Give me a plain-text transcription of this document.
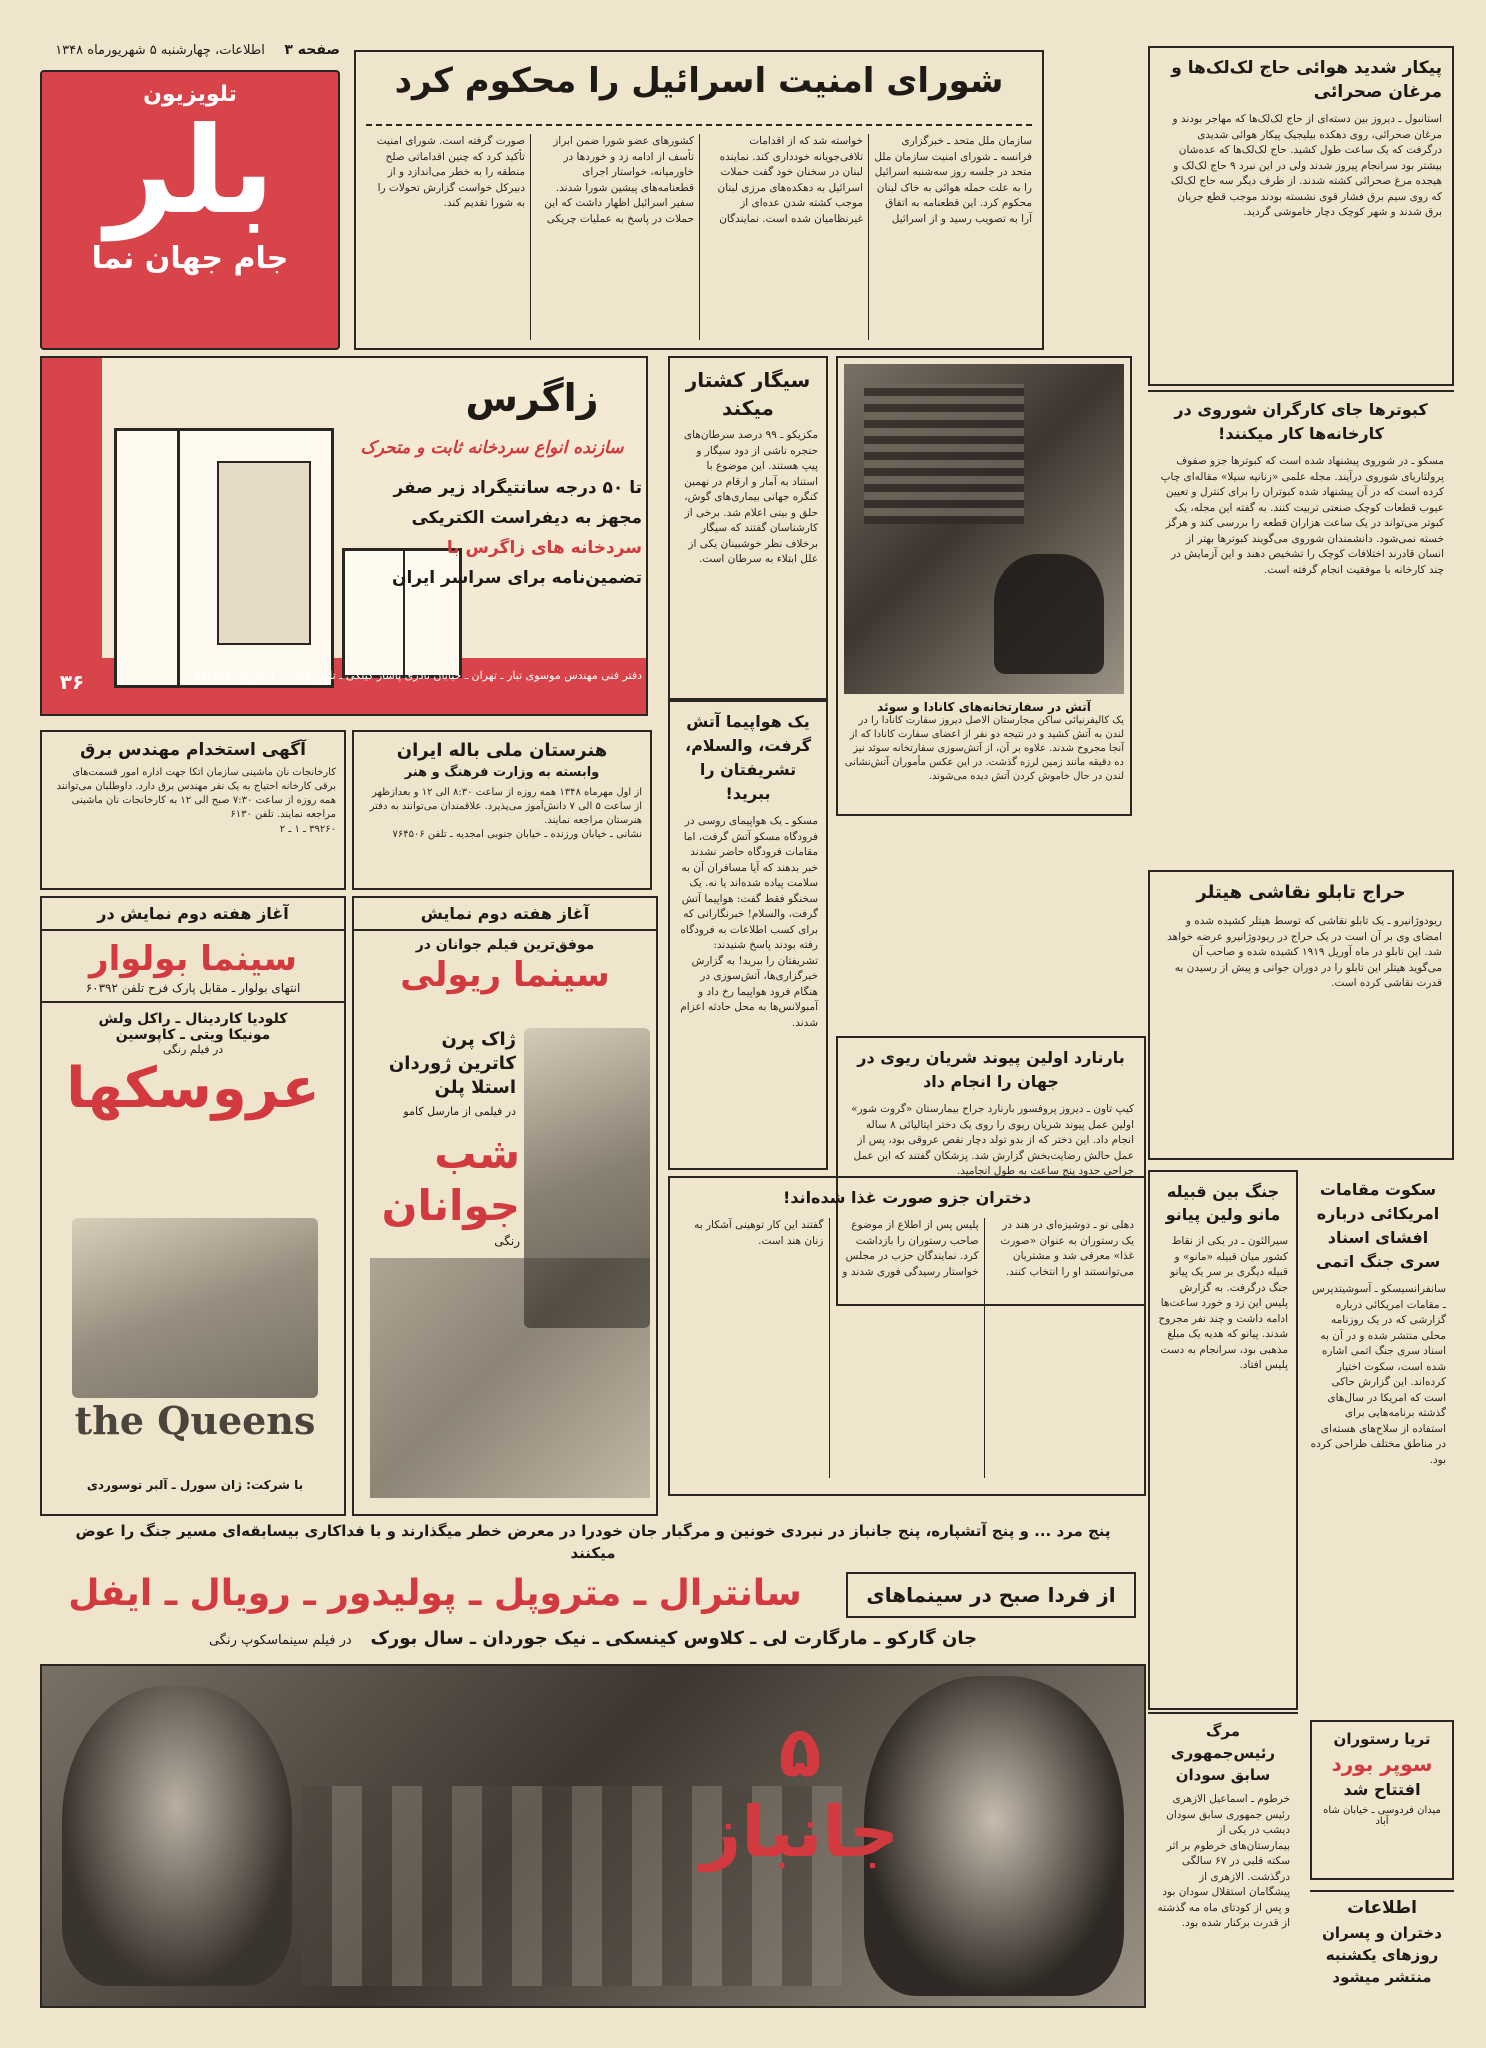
صفحه ۳    اطلاعات، چهارشنبه ۵ شهریورماه ۱۳۴۸
تلویزیون
بلر
جام جهان نما
شورای امنیت اسرائیل را محکوم کرد
سازمان ملل متحد ـ خبرگزاری فرانسه ـ شورای امنیت سازمان ملل متحد در جلسه روز سه‌شنبه اسرائیل را به علت حمله هوائی به خاک لبنان محکوم کرد. این قطعنامه به اتفاق آرا به تصویب رسید و از اسرائیل خواسته شد که از اقدامات تلافی‌جویانه خودداری کند. نماینده لبنان در سخنان خود گفت حملات اسرائیل به دهکده‌های مرزی لبنان موجب کشته شدن عده‌ای از غیرنظامیان شده است. نمایندگان کشورهای عضو شورا ضمن ابراز تأسف از ادامه زد و خوردها در خاورمیانه، خواستار اجرای قطعنامه‌های پیشین شورا شدند. سفیر اسرائیل اظهار داشت که این حملات در پاسخ به عملیات چریکی صورت گرفته است. شورای امنیت تأکید کرد که چنین اقداماتی صلح منطقه را به خطر می‌اندازد و از دبیرکل خواست گزارش تحولات را به شورا تقدیم کند.
پیکار شدید هوائی حاج لک‌لک‌ها و مرغان صحرائی
استانبول ـ دیروز بین دسته‌ای از حاج لک‌لک‌ها که مهاجر بودند و مرغان صحرائی، روی دهکده بیلیجیک پیکار هوائی شدیدی درگرفت که یک ساعت طول کشید. حاج لک‌لک‌ها که عده‌شان بیشتر بود سرانجام پیروز شدند ولی در این نبرد ۹ حاج لک‌لک و هیجده مرغ صحرائی کشته شدند. از طرف دیگر سه حاج لک‌لک که روی سیم برق فشار قوی نشسته بودند موجب قطع جریان برق شدند و شهر کوچک دچار خاموشی گردید.
زاگرس
سازنده انواع سردخانه ثابت و متحرک
تا ۵۰ درجه سانتیگراد زیر صفر
مجهز به دیفراست الکتریکی
سردخانه های زاگرس با
تضمین‌نامه برای سراسر ایران
دفتر فنی مهندس موسوی تبار ـ تهران ـ خیابان نادری پاساژ گیلکی ـ تلفن ۶۰۱۱۷۲۵ کارخانه ۹۵۱۸۵۹
۳۶
سیگار کشتار میکند
مکزیکو ـ ۹۹ درصد سرطان‌های حنجره ناشی از دود سیگار و پیپ هستند. این موضوع با استناد به آمار و ارقام در نهمین کنگره جهانی بیماری‌های گوش، حلق و بینی اعلام شد. برخی از کارشناسان گفتند که سیگار برخلاف نظر خوشبینان یکی از علل ابتلاء به سرطان است.
آتش در سفارتخانه‌های کانادا و سوئد
یک کالیفرنیائی ساکن مجارستان الاصل دیروز سفارت کانادا را در لندن به آتش کشید و در نتیجه دو نفر از اعضای سفارت کانادا که از آنجا مجروح شدند. علاوه بر آن، از آتش‌سوزی سفارتخانه سوئد نیز ده دقیقه مانند زمین لرزه گذشت. در این عکس مأموران آتش‌نشانی لندن در حال خاموش کردن آتش دیده می‌شوند.
یک هواپیما آتش گرفت، والسلام، تشریفتان را ببرید!
مسکو ـ یک هواپیمای روسی در فرودگاه مسکو آتش گرفت، اما مقامات فرودگاه حاضر نشدند خبر بدهند که آیا مسافران آن به سلامت پیاده شده‌اند یا نه. یک سخنگو فقط گفت: هواپیما آتش گرفت، والسلام! خبرنگارانی که برای کسب اطلاعات به فرودگاه رفته بودند پاسخ شنیدند: تشریفتان را ببرید! به گزارش خبرگزاری‌ها، آتش‌سوزی در هنگام فرود هواپیما رخ داد و آمبولانس‌ها به محل حادثه اعزام شدند.
کبوترها جای کارگران شوروی در کارخانه‌ها کار میکنند!
مسکو ـ در شوروی پیشنهاد شده است که کبوترها جزو صفوف پرولتاریای شوروی درآیند. مجله علمی «زنانیه سیلا» مقاله‌ای چاپ کرده است که در آن پیشنهاد شده کبوتران را برای کنترل و تعیین عیوب قطعات کوچک صنعتی تربیت کنند. به گفته این مجله، یک کبوتر می‌تواند در یک ساعت هزاران قطعه را بررسی کند و هرگز خسته نمی‌شود. دانشمندان شوروی می‌گویند کبوترها بهتر از انسان قادرند اختلافات کوچک را تشخیص دهند و این آزمایش در چند کارخانه با موفقیت انجام گرفته است.
حراج تابلو نقاشی هیتلر
ریودوژانیرو ـ یک تابلو نقاشی که توسط هیتلر کشیده شده و امضای وی بر آن است در یک حراج در ریودوژانیرو عرضه خواهد شد. این تابلو در ماه آوریل ۱۹۱۹ کشیده شده و صاحب آن می‌گوید هیتلر این تابلو را در دوران جوانی و پیش از رسیدن به قدرت نقاشی کرده است.
بارنارد اولین پیوند شریان ریوی در جهان را انجام داد
کیپ تاون ـ دیروز پروفسور بارنارد جراح بیمارستان «گروت شور» اولین عمل پیوند شریان ریوی را روی یک دختر ایتالیائی ۸ ساله انجام داد. این دختر که از بدو تولد دچار نقص عروقی بود، پس از عمل حالش رضایت‌بخش گزارش شد. پزشکان گفتند که این عمل جراحی حدود پنج ساعت به طول انجامید.
هنرستان ملی باله ایران
وابسته به وزارت فرهنگ و هنر
از اول مهرماه ۱۳۴۸ همه روزه از ساعت ۸:۳۰ الی ۱۲ و بعدازظهر از ساعت ۵ الی ۷ دانش‌آموز می‌پذیرد. علاقمندان می‌توانند به دفتر هنرستان مراجعه نمایند.
نشانی ـ خیابان ورزنده ـ خیابان جنوبی امجدیه ـ تلفن ۷۶۴۵۰۶
آگهی استخدام مهندس برق
کارخانجات نان ماشینی سازمان اتکا جهت اداره امور قسمت‌های برقی کارخانه احتیاج به یک نفر مهندس برق دارد. داوطلبان می‌توانند همه روزه از ساعت ۷:۳۰ صبح الی ۱۲ به کارخانجات نان ماشینی مراجعه نمایند. تلفن ۶۱۳۰
۳۹۲۶۰ ـ ۱ ـ ۲
آغاز هفته دوم نمایش در
سینما بولوار
انتهای بولوار ـ مقابل پارک فرح تلفن ۶۰۳۹۲
کلودیا کاردینال ـ راکل ولش
مونیکا ویتی ـ کاپوسین
در فیلم رنگی
عروسکها
the Queens
با شرکت: ژان سورل ـ آلبر توسوردی
آغاز هفته دوم نمایش
موفق‌ترین فیلم جوانان در
سینما ریولی
ژاک پرن
کاترین ژوردان
استلا پلن
در فیلمی از مارسل کامو
شب جوانان
رنگی
دختران جزو صورت غذا شده‌اند!
دهلی نو ـ دوشیزه‌ای در هند در یک رستوران به عنوان «صورت غذا» معرفی شد و مشتریان می‌توانستند او را انتخاب کنند. پلیس پس از اطلاع از موضوع صاحب رستوران را بازداشت کرد. نمایندگان حزب در مجلس خواستار رسیدگی فوری شدند و گفتند این کار توهینی آشکار به زنان هند است.
جنگ بین قبیله مانو ولین پیانو
سیرالئون ـ در یکی از نقاط کشور میان قبیله «مانو» و قبیله دیگری بر سر یک پیانو جنگ درگرفت. به گزارش پلیس این زد و خورد ساعت‌ها ادامه داشت و چند نفر مجروح شدند. پیانو که هدیه یک مبلغ مذهبی بود، سرانجام به دست پلیس افتاد.
سکوت مقامات امریکائی درباره افشای اسناد سری جنگ اتمی
سانفرانسیسکو ـ آسوشیتدپرس ـ مقامات امریکائی درباره گزارشی که در یک روزنامه محلی منتشر شده و در آن به اسناد سری جنگ اتمی اشاره شده است، سکوت اختیار کرده‌اند. این گزارش حاکی است که امریکا در سال‌های گذشته برنامه‌هایی برای استفاده از سلاح‌های هسته‌ای در مناطق مختلف طراحی کرده بود.
پنج مرد ... و پنج آتشپاره، پنج جانباز در نبردی خونین و مرگبار جان خودرا در معرض خطر میگذارند و با فداکاری بیسابقه‌ای مسیر جنگ را عوض میکنند
از فردا صبح در سینماهای
سانترال ـ متروپل ـ پولیدور ـ رویال ـ ایفل
جان گارکو ـ مارگارت لی ـ کلاوس کینسکی ـ نیک جوردان ـ سال بورک   در فیلم سینماسکوپ رنگی
۵ جانباز
مرگ رئیس‌جمهوری سابق سودان
خرطوم ـ اسماعیل الازهری رئیس جمهوری سابق سودان دیشب در یکی از بیمارستان‌های خرطوم بر اثر سکته قلبی در ۶۷ سالگی درگذشت. الازهری از پیشگامان استقلال سودان بود و پس از کودتای ماه مه گذشته از قدرت برکنار شده بود.
تریا رستوران
سوپر بورد
افتتاح شد
میدان فردوسی ـ خیابان شاه آباد
اطلاعات
دختران و پسران روزهای یکشنبه منتشر میشود
